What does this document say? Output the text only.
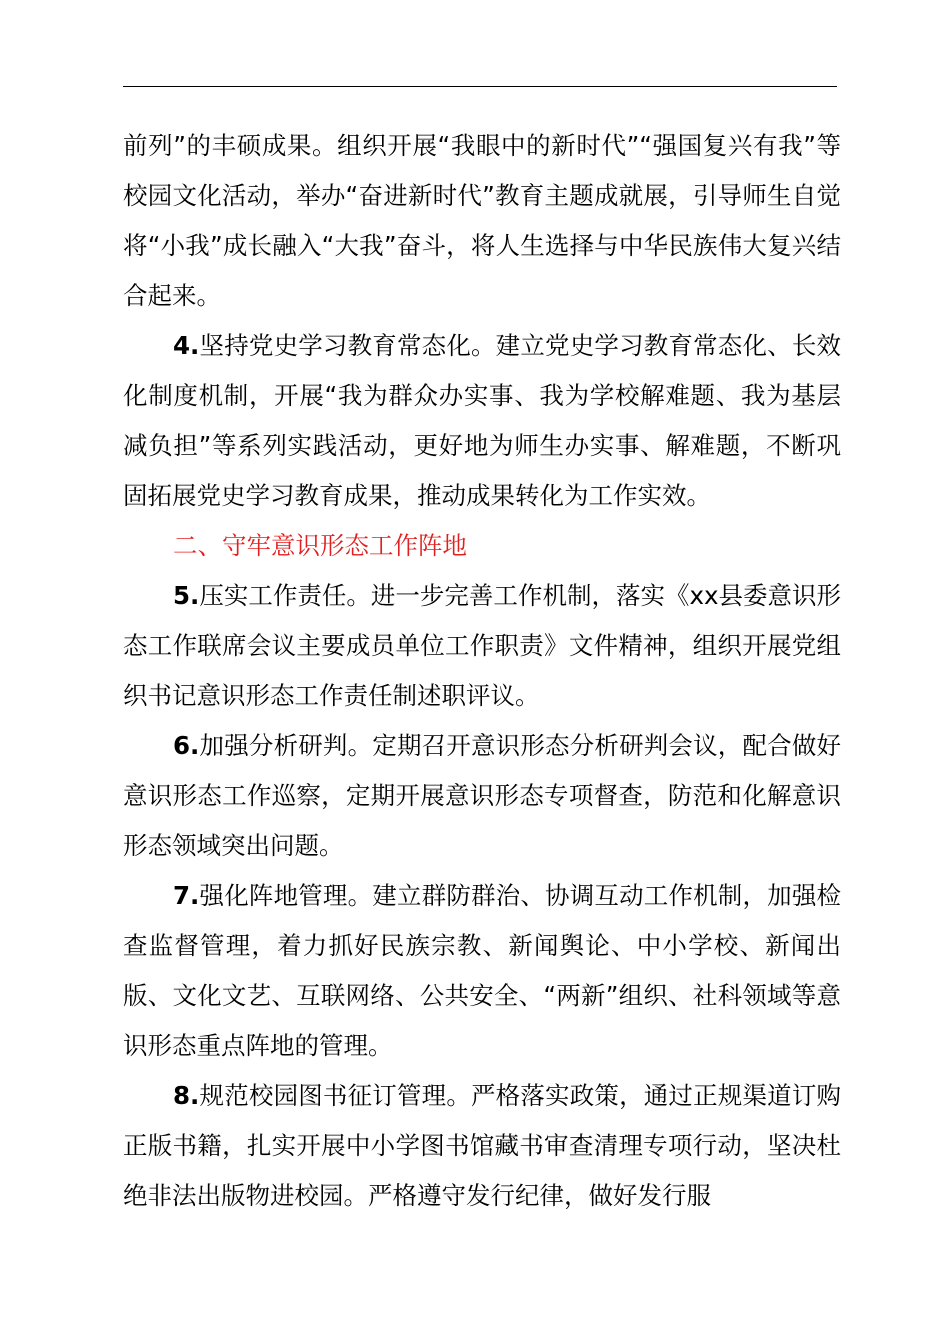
前列”的丰硕成果。组织开展“我眼中的新时代”“强国复兴有我”等校园文化活动，举办“奋进新时代”教育主题成就展，引导师生自觉将“小我”成长融入“大我”奋斗，将人生选择与中华民族伟大复兴结合起来。

4.坚持党史学习教育常态化。建立党史学习教育常态化、长效化制度机制，开展“我为群众办实事、我为学校解难题、我为基层减负担”等系列实践活动，更好地为师生办实事、解难题，不断巩固拓展党史学习教育成果，推动成果转化为工作实效。

二、守牢意识形态工作阵地

5.压实工作责任。进一步完善工作机制，落实《xx县委意识形态工作联席会议主要成员单位工作职责》文件精神，组织开展党组织书记意识形态工作责任制述职评议。

6.加强分析研判。定期召开意识形态分析研判会议，配合做好意识形态工作巡察，定期开展意识形态专项督查，防范和化解意识形态领域突出问题。

7.强化阵地管理。建立群防群治、协调互动工作机制，加强检查监督管理，着力抓好民族宗教、新闻舆论、中小学校、新闻出版、文化文艺、互联网络、公共安全、“两新”组织、社科领域等意识形态重点阵地的管理。

8.规范校园图书征订管理。严格落实政策，通过正规渠道订购正版书籍，扎实开展中小学图书馆藏书审查清理专项行动，坚决杜绝非法出版物进校园。严格遵守发行纪律，做好发行服
